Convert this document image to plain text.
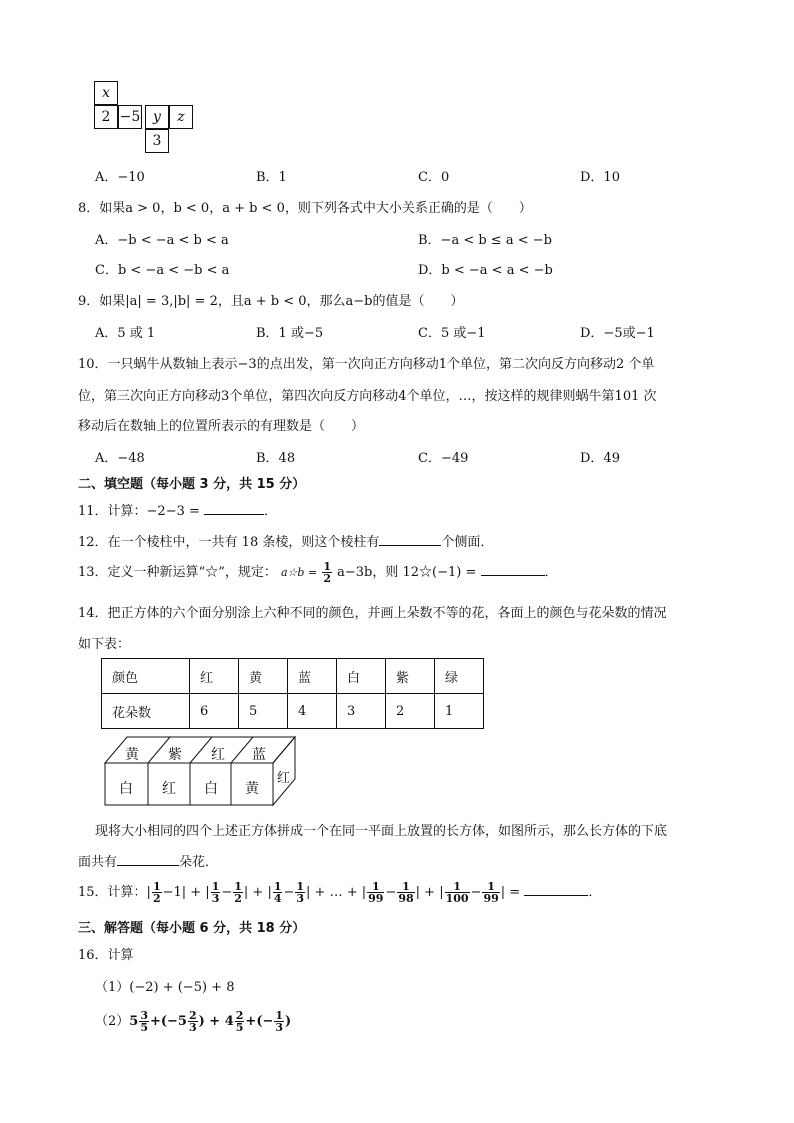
x
2 −5 y	z
3
A．−10	B．1	C．0	D．10
8．如果a > 0，b < 0，a + b < 0，则下列各式中大小关系正确的是（　　）
A．−b < −a < b < a	B．−a < b ≤ a < −b
C．b < −a < −b < a	D．b < −a < a < −b
9．如果|a| = 3,|b| = 2，且a + b < 0，那么a−b的值是（　　）
A．5 或 1	B．1 或−5	C．5 或−1	D．−5或−1
10．一只蜗牛从数轴上表示−3的点出发，第一次向正方向移动1个单位，第二次向反方向移动2 个单
位，第三次向正方向移动3个单位，第四次向反方向移动4个单位，…，按这样的规律则蜗牛第101 次
移动后在数轴上的位置所表示的有理数是（　　）
A．−48	B．48	C．−49	D．49
二、填空题（每小题 3 分，共 15 分）
11．计算：−2−3 =	．
12．在一个棱柱中，一共有 18 条棱，则这个棱柱有	个侧面．
13．定义一种新运算“☆”，规定： a☆b = $\frac{1}{2} a-3b$，则 12☆(−1) =	．
14．把正方体的六个面分别涂上六种不同的颜色，并画上朵数不等的花，各面上的颜色与花朵数的情况
如下表：
颜色	红	黄	蓝	白	紫	绿
花朵数	6	5	4	3	2	1
黄 紫 红 蓝
白 红 白 黄
红
现将大小相同的四个上述正方体拼成一个在同一平面上放置的长方体，如图所示，那么长方体的下底
面共有	朵花．
15．计算：| $\frac{1}{2} -1|$ + | $\frac{1}{3} - \frac{1}{2}$ | + | $\frac{1}{4} - \frac{1}{3}$ | + … + | $\frac{1}{99} - \frac{1}{98}$ | + | $\frac{1}{100} - \frac{1}{99}$ | =	．
三、解答题（每小题 6 分，共 18 分）
16．计算
（1）(−2) + (−5) + 8
$(2)5 \frac{3}{5} +(-5 \frac{2}{3}$ ) + $4 \frac{2}{5}$ +(− $\frac{1}{3}$ )
